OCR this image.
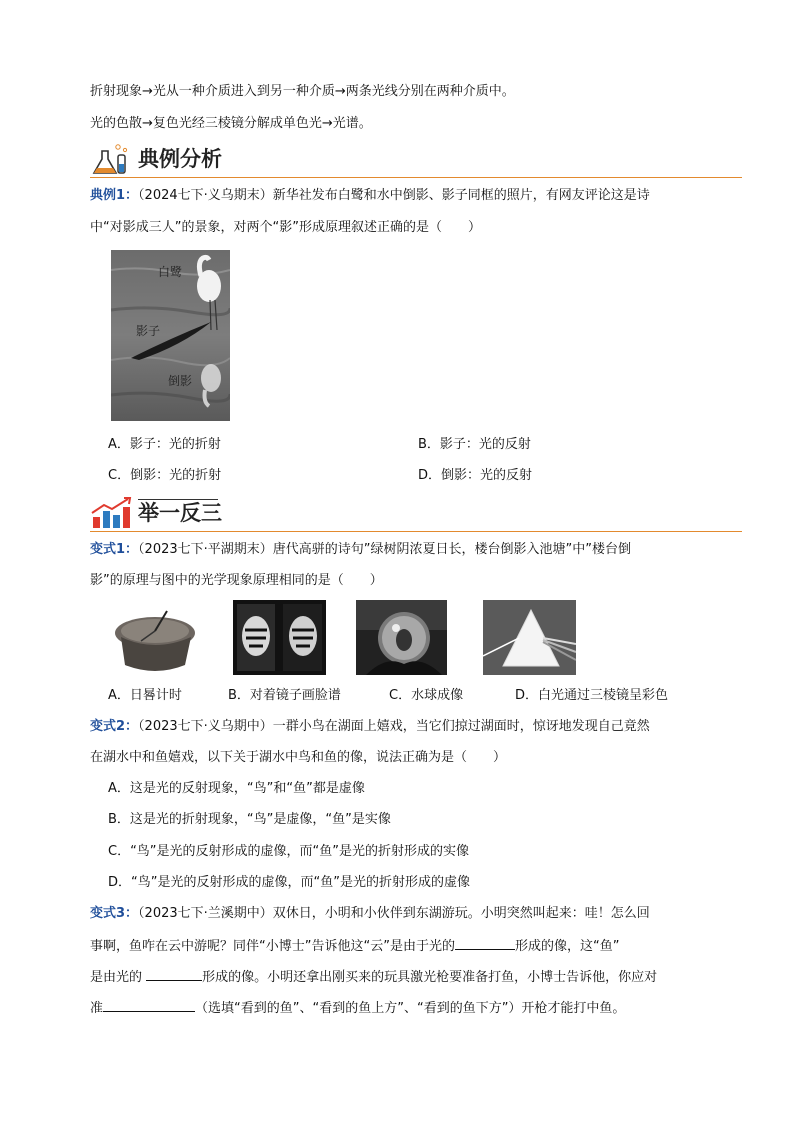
折射现象→光从一种介质进入到另一种介质→两条光线分别在两种介质中。
光的色散→复色光经三棱镜分解成单色光→光谱。
典例分析
典例1：（2024七下·义乌期末）新华社发布白鹭和水中倒影、影子同框的照片，有网友评论这是诗
中“对影成三人”的景象，对两个“影”形成原理叙述正确的是（　　）
白鹭
影子
倒影
A．影子：光的折射	B．影子：光的反射
C．倒影：光的折射	D．倒影：光的反射
举一反三
变式1：（2023七下·平湖期末）唐代高骈的诗句”绿树阴浓夏日长，楼台倒影入池塘”中”楼台倒
影”的原理与图中的光学现象原理相同的是（　　）
A．日晷计时	B．对着镜子画脸谱	C．水球成像	D．白光通过三棱镜呈彩色
变式2：（2023七下·义乌期中）一群小鸟在湖面上嬉戏，当它们掠过湖面时，惊讶地发现自己竟然
在湖水中和鱼嬉戏，以下关于湖水中鸟和鱼的像，说法正确为是（　　）
A．这是光的反射现象，“鸟”和“鱼”都是虚像
B．这是光的折射现象，“鸟”是虚像，“鱼”是实像
C．“鸟”是光的反射形成的虚像，而“鱼”是光的折射形成的实像
D．“鸟”是光的反射形成的虚像，而“鱼”是光的折射形成的虚像
变式3：（2023七下·兰溪期中）双休日，小明和小伙伴到东湖游玩。小明突然叫起来：哇！怎么回
事啊，鱼咋在云中游呢？同伴“小博士”告诉他这“云”是由于光的	形成的像，这“鱼”
是由光的	形成的像。小明还拿出刚买来的玩具激光枪要准备打鱼，小博士告诉他，你应对
准	（选填“看到的鱼”、“看到的鱼上方”、“看到的鱼下方”）开枪才能打中鱼。
